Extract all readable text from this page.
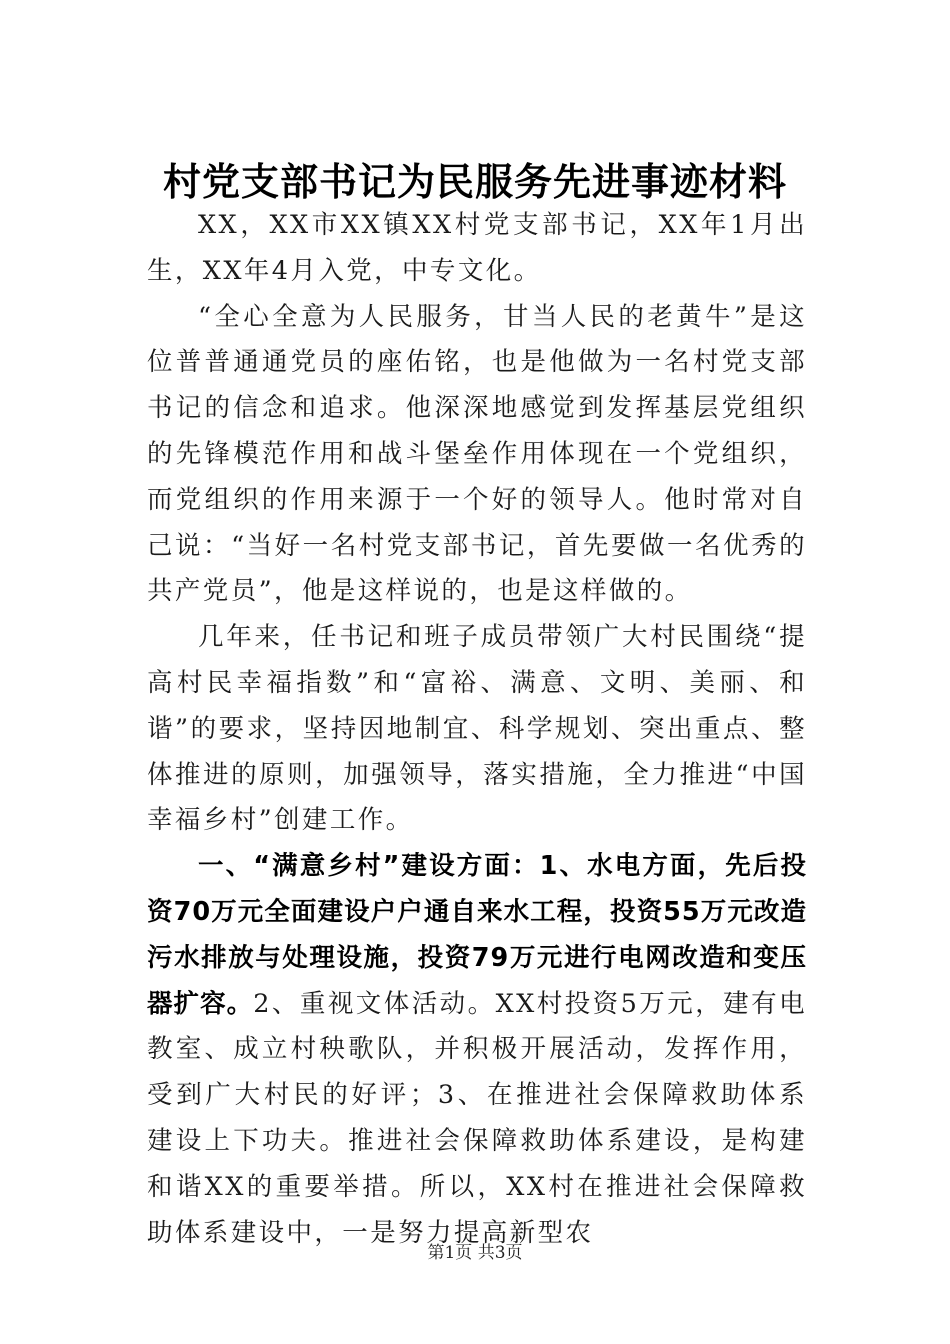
村党支部书记为民服务先进事迹材料

XX，XX市XX镇XX村党支部书记，XX年1月出生，XX年4月入党，中专文化。

“全心全意为人民服务，甘当人民的老黄牛”是这位普普通通党员的座佑铭，也是他做为一名村党支部书记的信念和追求。他深深地感觉到发挥基层党组织的先锋模范作用和战斗堡垒作用体现在一个党组织，而党组织的作用来源于一个好的领导人。他时常对自己说：“当好一名村党支部书记，首先要做一名优秀的共产党员”，他是这样说的，也是这样做的。

几年来，任书记和班子成员带领广大村民围绕“提高村民幸福指数”和“富裕、满意、文明、美丽、和谐”的要求，坚持因地制宜、科学规划、突出重点、整体推进的原则，加强领导，落实措施，全力推进“中国幸福乡村”创建工作。

一、“满意乡村”建设方面：1、水电方面，先后投资70万元全面建设户户通自来水工程，投资55万元改造污水排放与处理设施，投资79万元进行电网改造和变压器扩容。2、重视文体活动。XX村投资5万元，建有电教室、成立村秧歌队，并积极开展活动，发挥作用，受到广大村民的好评；3、在推进社会保障救助体系建设上下功夫。推进社会保障救助体系建设，是构建和谐XX的重要举措。所以，XX村在推进社会保障救助体系建设中，一是努力提高新型农

第1页 共3页
